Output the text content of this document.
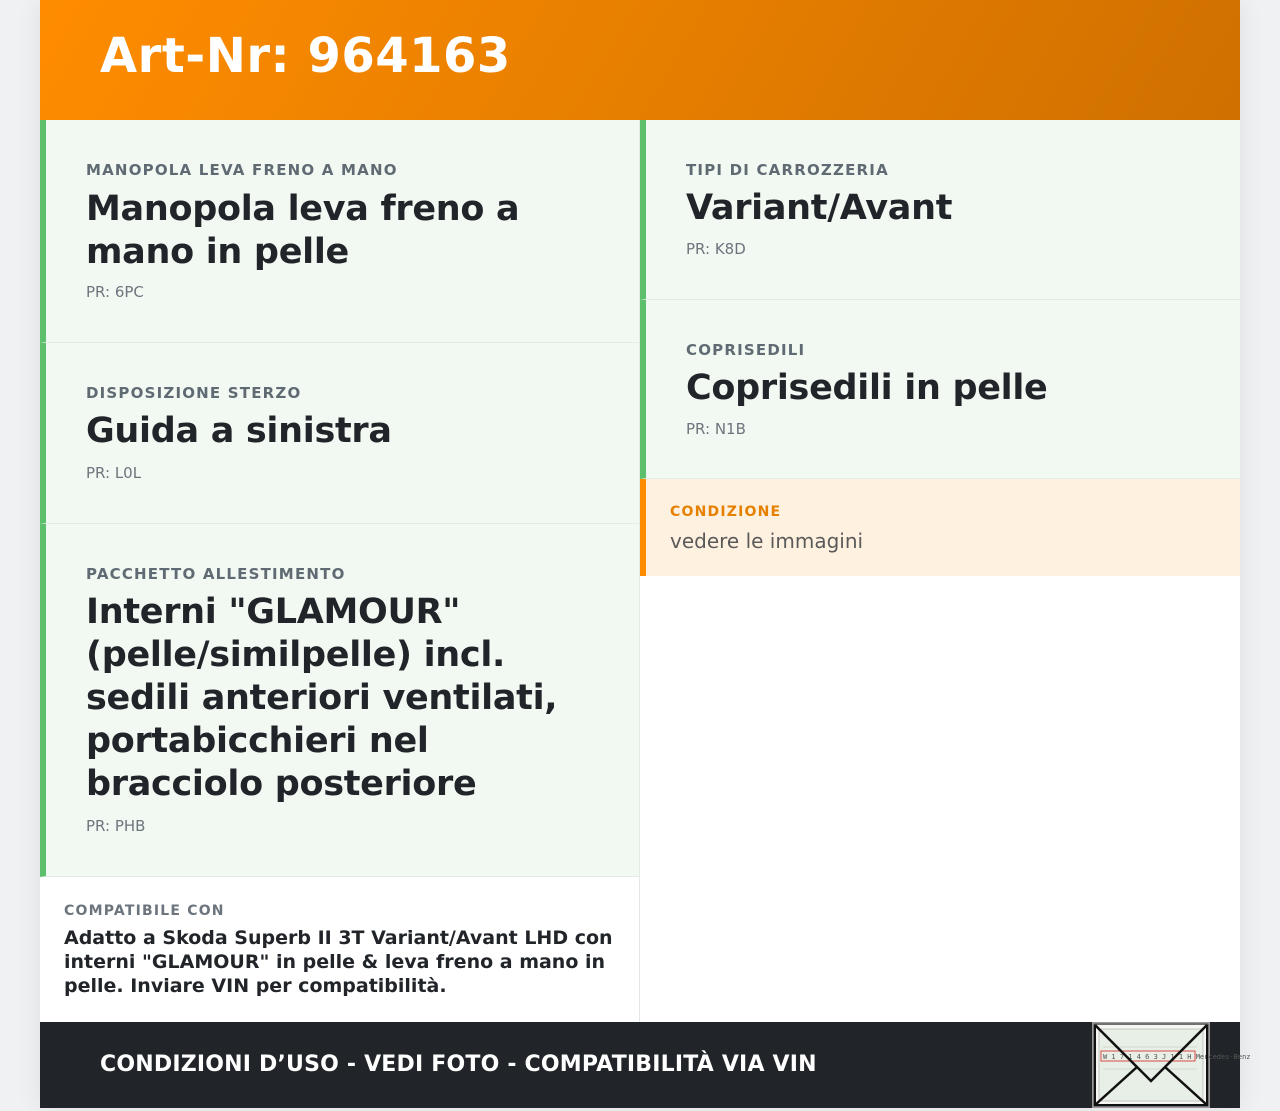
Art-Nr: 964163
MANOPOLA LEVA FRENO A MANO
Manopola leva freno a mano in pelle
PR: 6PC
DISPOSIZIONE STERZO
Guida a sinistra
PR: L0L
PACCHETTO ALLESTIMENTO
Interni "GLAMOUR" (pelle/similpelle) incl. sedili anteriori ventilati, portabicchieri nel bracciolo posteriore
PR: PHB
COMPATIBILE CON

Adatto a Skoda Superb II 3T Variant/Avant LHD con interni "GLAMOUR" in pelle & leva freno a mano in pelle. Inviare VIN per compatibilità.

TIPI DI CARROZZERIA
Variant/Avant
PR: K8D
COPRISEDILI
Coprisedili in pelle
PR: N1B
CONDIZIONE
vedere le immagini
CONDIZIONI D’USO - VEDI FOTO - COMPATIBILITÀ VIA VIN	W 1 7 1 4 6 3 J 1 1 H Mercedes-Benz
